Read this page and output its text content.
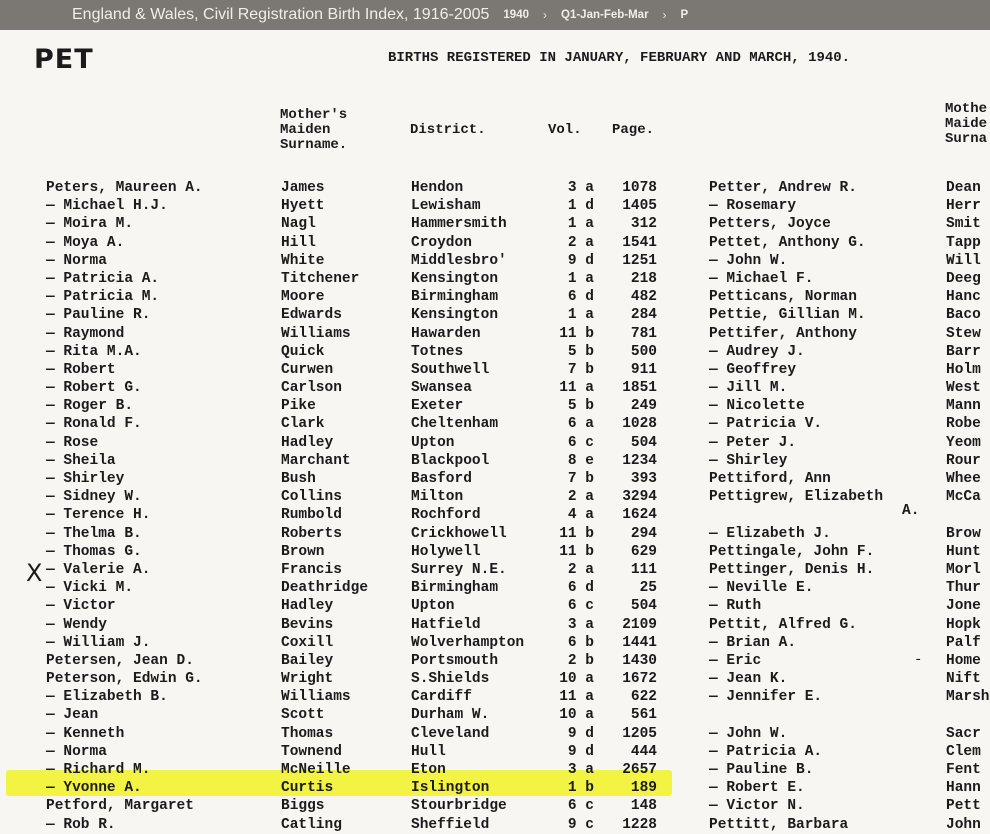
England & Wales, Civil Registration Birth Index, 1916-2005 1940 › Q1-Jan-Feb-Mar › P
PET	BIRTHS REGISTERED IN JANUARY, FEBRUARY AND MARCH, 1940.
Mother's
Maiden
Surname.
District.	Vol. Page.
Mothe
Maide
Surna
Peters, Maureen A.
— Michael H.J.
— Moira M.
— Moya A.
— Norma
— Patricia A.
— Patricia M.
— Pauline R.
— Raymond
— Rita M.A.
— Robert
— Robert G.
— Roger B.
— Ronald F.
— Rose
— Sheila
— Shirley
— Sidney W.
— Terence H.
— Thelma B.
— Thomas G.
— Valerie A.
— Vicki M.
— Victor
— Wendy
— William J.
Petersen, Jean D.
Peterson, Edwin G.
— Elizabeth B.
— Jean
— Kenneth
— Norma
— Richard M.
— Yvonne A.
Petford, Margaret
— Rob R.
James
Hyett
Nagl
Hill
White
Titchener
Moore
Edwards
Williams
Quick
Curwen
Carlson
Pike
Clark
Hadley
Marchant
Bush
Collins
Rumbold
Roberts
Brown
Francis
Deathridge
Hadley
Bevins
Coxill
Bailey
Wright
Williams
Scott
Thomas
Townend
McNeille
Curtis
Biggs
Catling
Hendon
Lewisham
Hammersmith
Croydon
Middlesbro'
Kensington
Birmingham
Kensington
Hawarden
Totnes
Southwell
Swansea
Exeter
Cheltenham
Upton
Blackpool
Basford
Milton
Rochford
Crickhowell
Holywell
Surrey N.E.
Birmingham
Upton
Hatfield
Wolverhampton
Portsmouth
S.Shields
Cardiff
Durham W.
Cleveland
Hull
Eton
Islington
Stourbridge
Sheffield
3 a
1 d
1 a
2 a
9 d
1 a
6 d
1 a
11 b
5 b
7 b
11 a
5 b
6 a
6 c
8 e
7 b
2 a
4 a
11 b
11 b
2 a
6 d
6 c
3 a
6 b
2 b
10 a
11 a
10 a
9 d
9 d
3 a
1 b
6 c
9 c
1078
1405
312
1541
1251
218
482
284
781
500
911
1851
249
1028
504
1234
393
3294
1624
294
629
111
25
504
2109
1441
1430
1672
622
561
1205
444
2657
189
148
1228
Petter, Andrew R.
— Rosemary
Petters, Joyce
Pettet, Anthony G.
— John W.
— Michael F.
Petticans, Norman
Pettie, Gillian M.
Pettifer, Anthony
— Audrey J.
— Geoffrey
— Jill M.
— Nicolette
— Patricia V.
— Peter J.
— Shirley
Pettiford, Ann
Pettigrew, Elizabeth
— Elizabeth J.
Pettingale, John F.
Pettinger, Denis H.
— Neville E.
— Ruth
Pettit, Alfred G.
— Brian A.
— Eric
— Jean K.
— Jennifer E.
— John W.
— Patricia A.
— Pauline B.
— Robert E.
— Victor N.
Pettitt, Barbara
Dean
Herr
Smit
Tapp
Will
Deeg
Hanc
Baco
Stew
Barr
Holm
West
Mann
Robe
Yeom
Rour
Whee
McCa
Brow
Hunt
Morl
Thur
Jone
Hopk
Palf
Home
Nift
Marsh
Sacr
Clem
Fent
Hann
Pett
John
X
A.
-
